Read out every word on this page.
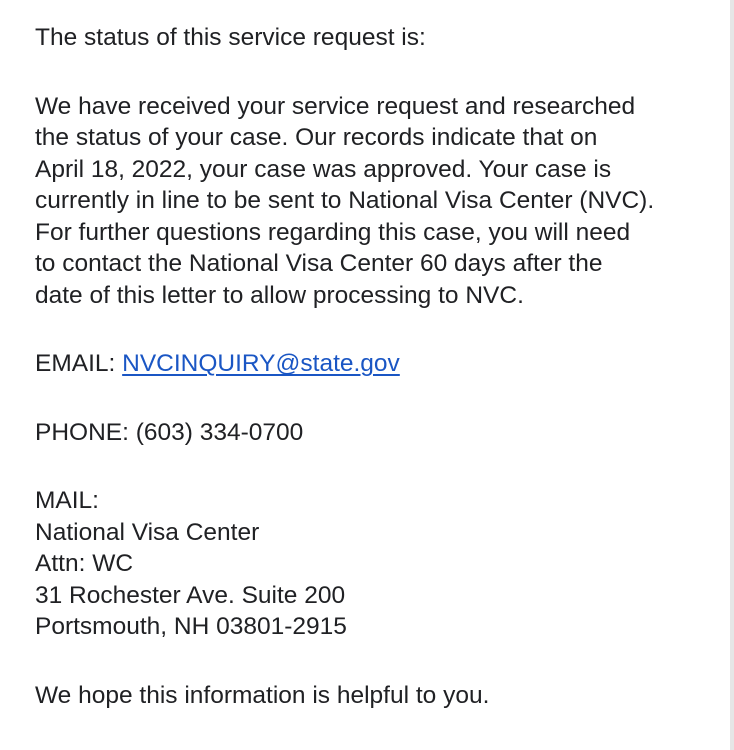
The status of this service request is:

We have received your service request and researched
the status of your case. Our records indicate that on
April 18, 2022, your case was approved. Your case is
currently in line to be sent to National Visa Center (NVC).
For further questions regarding this case, you will need
to contact the National Visa Center 60 days after the
date of this letter to allow processing to NVC.

EMAIL: NVCINQUIRY@state.gov

PHONE: (603) 334-0700

MAIL:
National Visa Center
Attn: WC
31 Rochester Ave. Suite 200
Portsmouth, NH 03801-2915

We hope this information is helpful to you.
